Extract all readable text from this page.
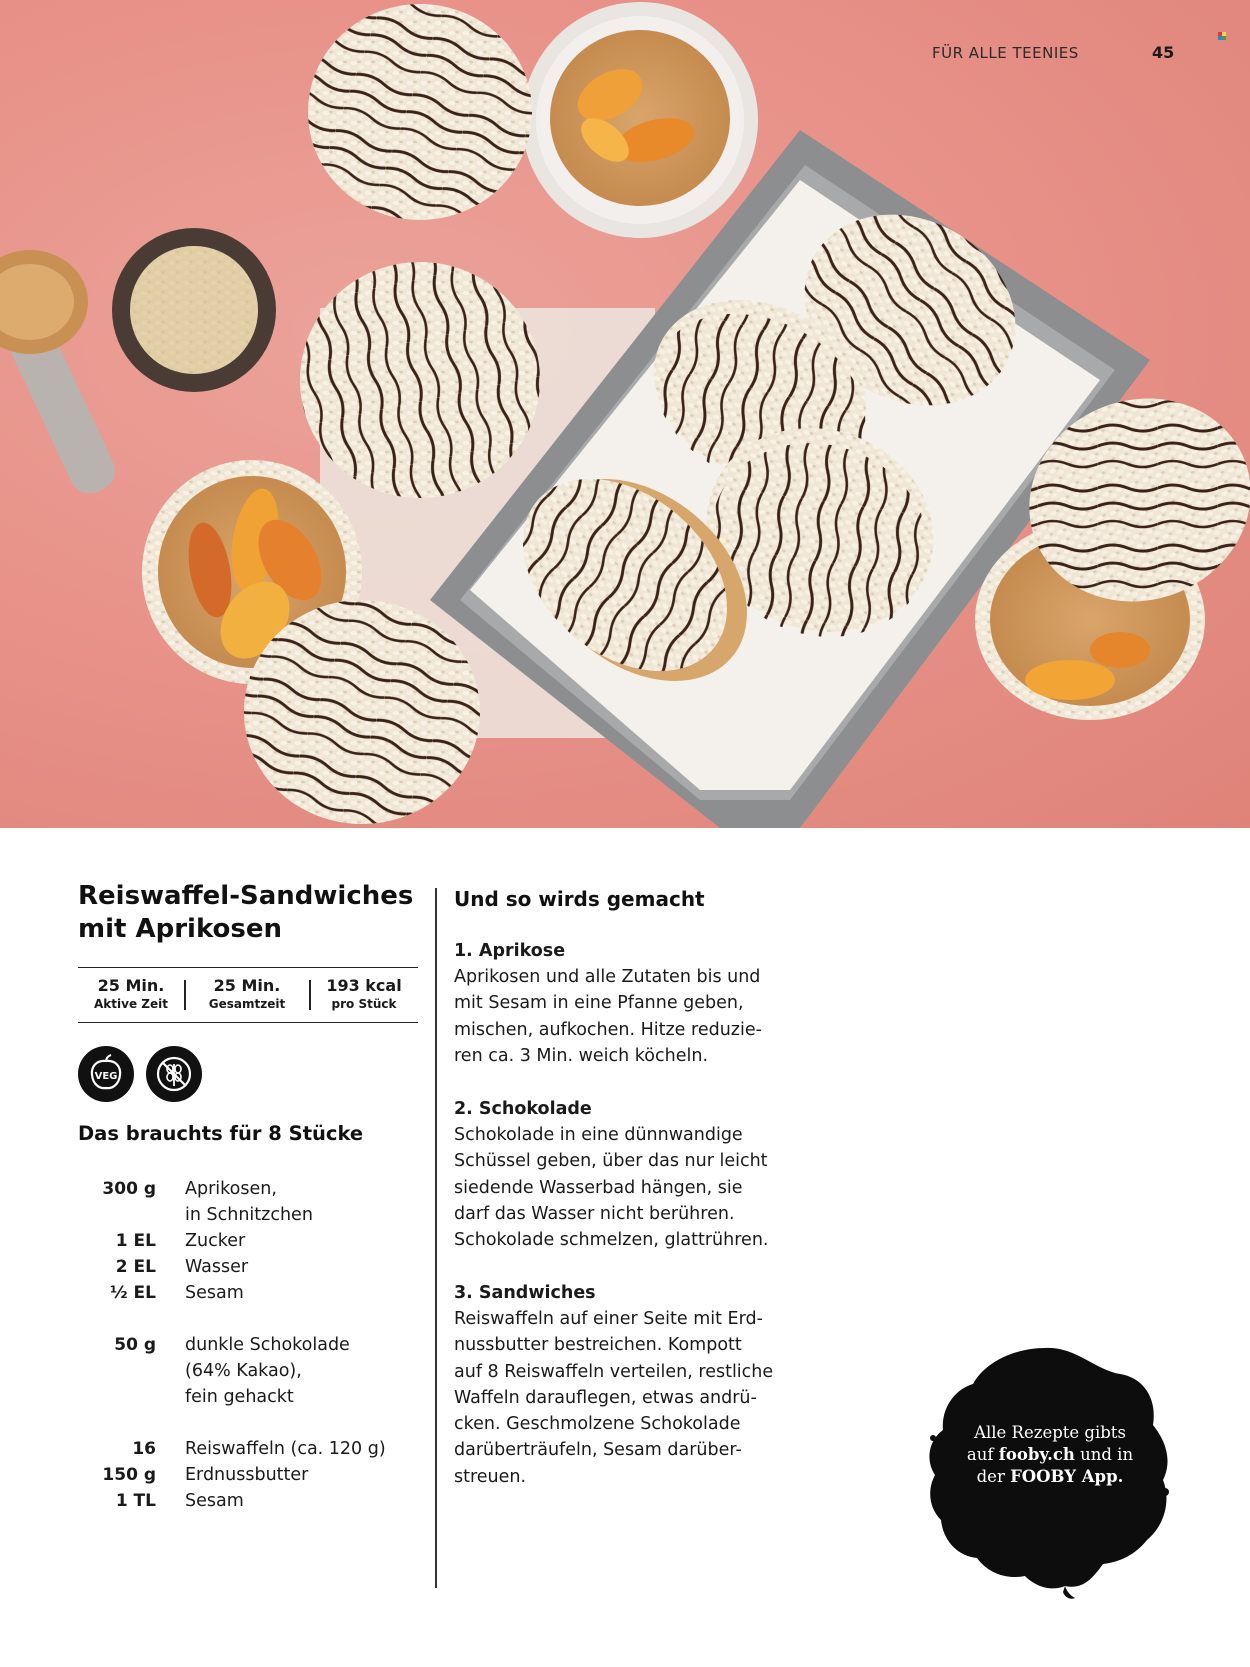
FÜR ALLE TEENIES	45
Reiswaffel-Sandwiches
mit Aprikosen
25 Min.
Aktive Zeit
25 Min.
Gesamtzeit
193 kcal
pro Stück
VEG
Das brauchts für 8 Stücke
300 g Aprikosen,
in Schnitzchen
1 EL Zucker
2 EL Wasser
½ EL Sesam
50 g dunkle Schokolade
(64% Kakao),
fein gehackt
16 Reiswaffeln (ca. 120 g)
150 g Erdnussbutter
1 TL Sesam
Und so wirds gemacht
1. Aprikose
Aprikosen und alle Zutaten bis und
mit Sesam in eine Pfanne geben,
mischen, aufkochen. Hitze reduzie-
ren ca. 3 Min. weich köcheln.
2. Schokolade
Schokolade in eine dünnwandige
Schüssel geben, über das nur leicht
siedende Wasserbad hängen, sie
darf das Wasser nicht berühren.
Schokolade schmelzen, glattrühren.
3. Sandwiches
Reiswaffeln auf einer Seite mit Erd-
nussbutter bestreichen. Kompott
auf 8 Reiswaffeln verteilen, restliche
Waffeln darauflegen, etwas andrü-
cken. Geschmolzene Schokolade
darüberträufeln, Sesam darüber-
streuen.
Alle Rezepte gibts
auf fooby.ch und in
der FOOBY App.
